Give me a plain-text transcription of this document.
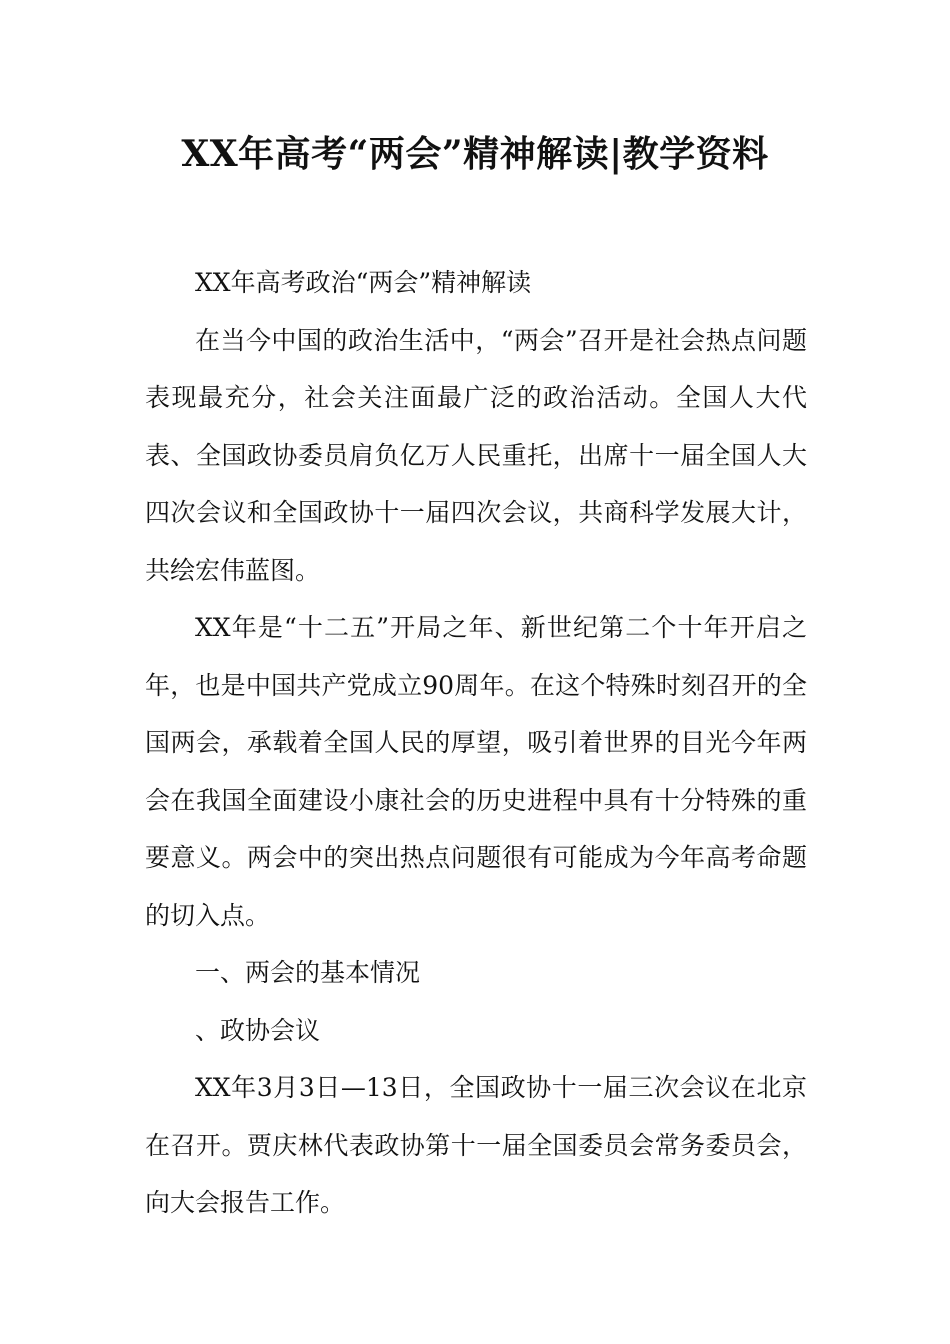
XX年高考“两会”精神解读|教学资料

XX年高考政治“两会”精神解读

在当今中国的政治生活中，“两会”召开是社会热点问题表现最充分，社会关注面最广泛的政治活动。全国人大代表、全国政协委员肩负亿万人民重托，出席十一届全国人大四次会议和全国政协十一届四次会议，共商科学发展大计，共绘宏伟蓝图。

XX年是“十二五”开局之年、新世纪第二个十年开启之年，也是中国共产党成立90周年。在这个特殊时刻召开的全国两会，承载着全国人民的厚望，吸引着世界的目光今年两会在我国全面建设小康社会的历史进程中具有十分特殊的重要意义。两会中的突出热点问题很有可能成为今年高考命题的切入点。

一、两会的基本情况

、政协会议

XX年3月3日—13日，全国政协十一届三次会议在北京在召开。贾庆林代表政协第十一届全国委员会常务委员会，向大会报告工作。
